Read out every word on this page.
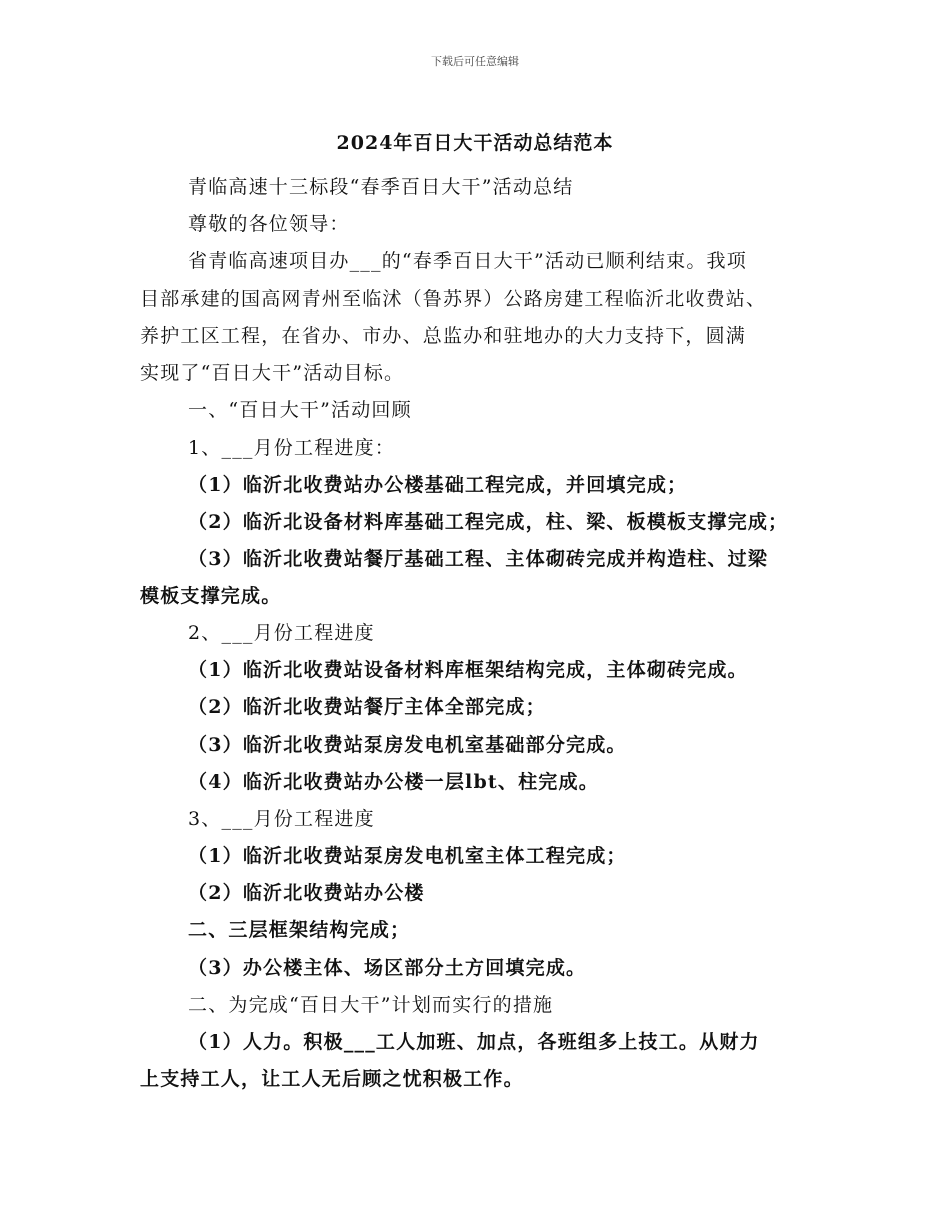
下载后可任意编辑
2024年百日大干活动总结范本
青临高速十三标段“春季百日大干”活动总结
尊敬的各位领导：
省青临高速项目办___的“春季百日大干”活动已顺利结束。我项
目部承建的国高网青州至临沭（鲁苏界）公路房建工程临沂北收费站、
养护工区工程，在省办、市办、总监办和驻地办的大力支持下，圆满
实现了“百日大干”活动目标。
一、“百日大干”活动回顾
1、___月份工程进度：
（1）临沂北收费站办公楼基础工程完成，并回填完成；
（2）临沂北设备材料库基础工程完成，柱、梁、板模板支撑完成；
（3）临沂北收费站餐厅基础工程、主体砌砖完成并构造柱、过梁
模板支撑完成。
2、___月份工程进度
（1）临沂北收费站设备材料库框架结构完成，主体砌砖完成。
（2）临沂北收费站餐厅主体全部完成；
（3）临沂北收费站泵房发电机室基础部分完成。
（4）临沂北收费站办公楼一层lbt、柱完成。
3、___月份工程进度
（1）临沂北收费站泵房发电机室主体工程完成；
（2）临沂北收费站办公楼
二、三层框架结构完成；
（3）办公楼主体、场区部分土方回填完成。
二、为完成“百日大干”计划而实行的措施
（1）人力。积极___工人加班、加点，各班组多上技工。从财力
上支持工人，让工人无后顾之忧积极工作。
